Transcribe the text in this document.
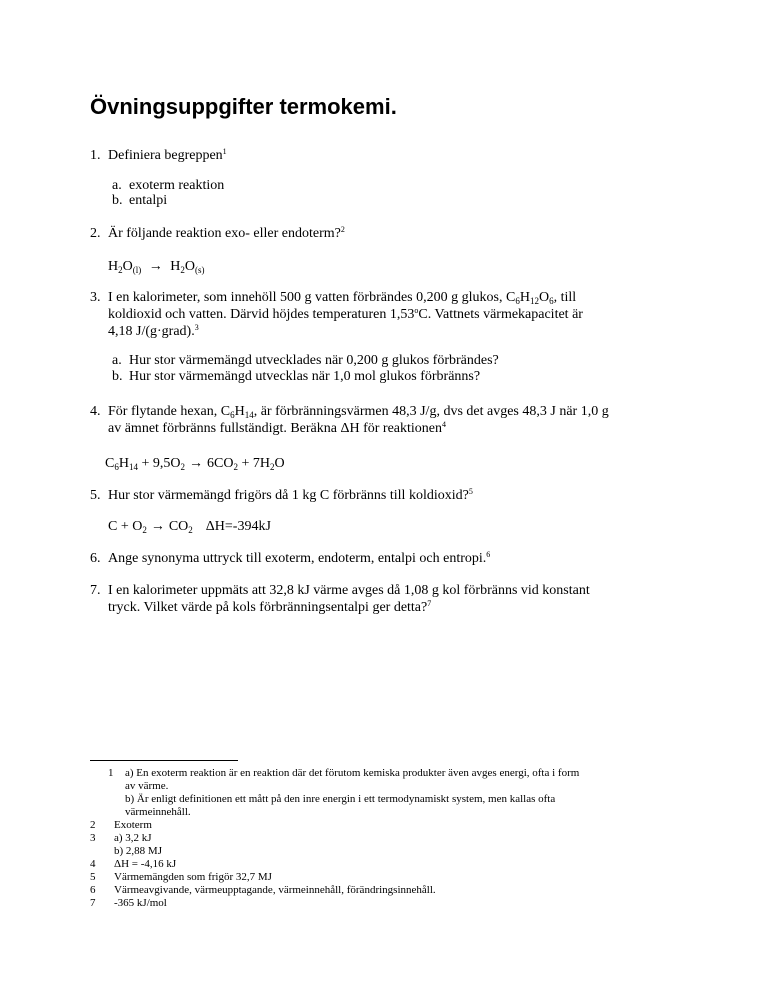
Övningsuppgifter termokemi.
1. Definiera begreppen$^1$
a. exoterm reaktion
b. entalpi
2. Är följande reaktion exo- eller endoterm?$^2$
$H_2O_{(l)} \to H_2O_{(s)}$
3. I en kalorimeter, som innehöll 500 g vatten förbrändes 0,200 g glukos, $C_6H_{12}O_6$, till
koldioxid och vatten. Därvid höjdes temperaturen 1,53$^o$C. Vattnets värmekapacitet är
4,18 J/(g·grad).$^3$
a. Hur stor värmemängd utvecklades när 0,200 g glukos förbrändes?
b. Hur stor värmemängd utvecklas när 1,0 mol glukos förbränns?
4. För flytande hexan, $C_6H_{14}$, är förbränningsvärmen 48,3 J/g, dvs det avges 48,3 J när 1,0 g
av ämnet förbränns fullständigt. Beräkna ΔH för reaktionen$^4$
$C_6H_{14} + 9,5O_2 \to 6CO_2 + 7H_2O$
5. Hur stor värmemängd frigörs då 1 kg C förbränns till koldioxid?$^5$
$C + O_2 \to CO_2$ ΔH=-394kJ
6. Ange synonyma uttryck till exoterm, endoterm, entalpi och entropi.$^6$
7. I en kalorimeter uppmäts att 32,8 kJ värme avges då 1,08 g kol förbränns vid konstant
tryck. Vilket värde på kols förbränningsentalpi ger detta?$^7$
1 a) En exoterm reaktion är en reaktion där det förutom kemiska produkter även avges energi, ofta i form
av värme.
b) Är enligt definitionen ett mått på den inre energin i ett termodynamiskt system, men kallas ofta
värmeinnehåll.
2 Exoterm
3 a) 3,2 kJ
b) 2,88 MJ
4 ΔH = -4,16 kJ
5 Värmemängden som frigör 32,7 MJ
6 Värmeavgivande, värmeupptagande, värmeinnehåll, förändringsinnehåll.
7 -365 kJ/mol
